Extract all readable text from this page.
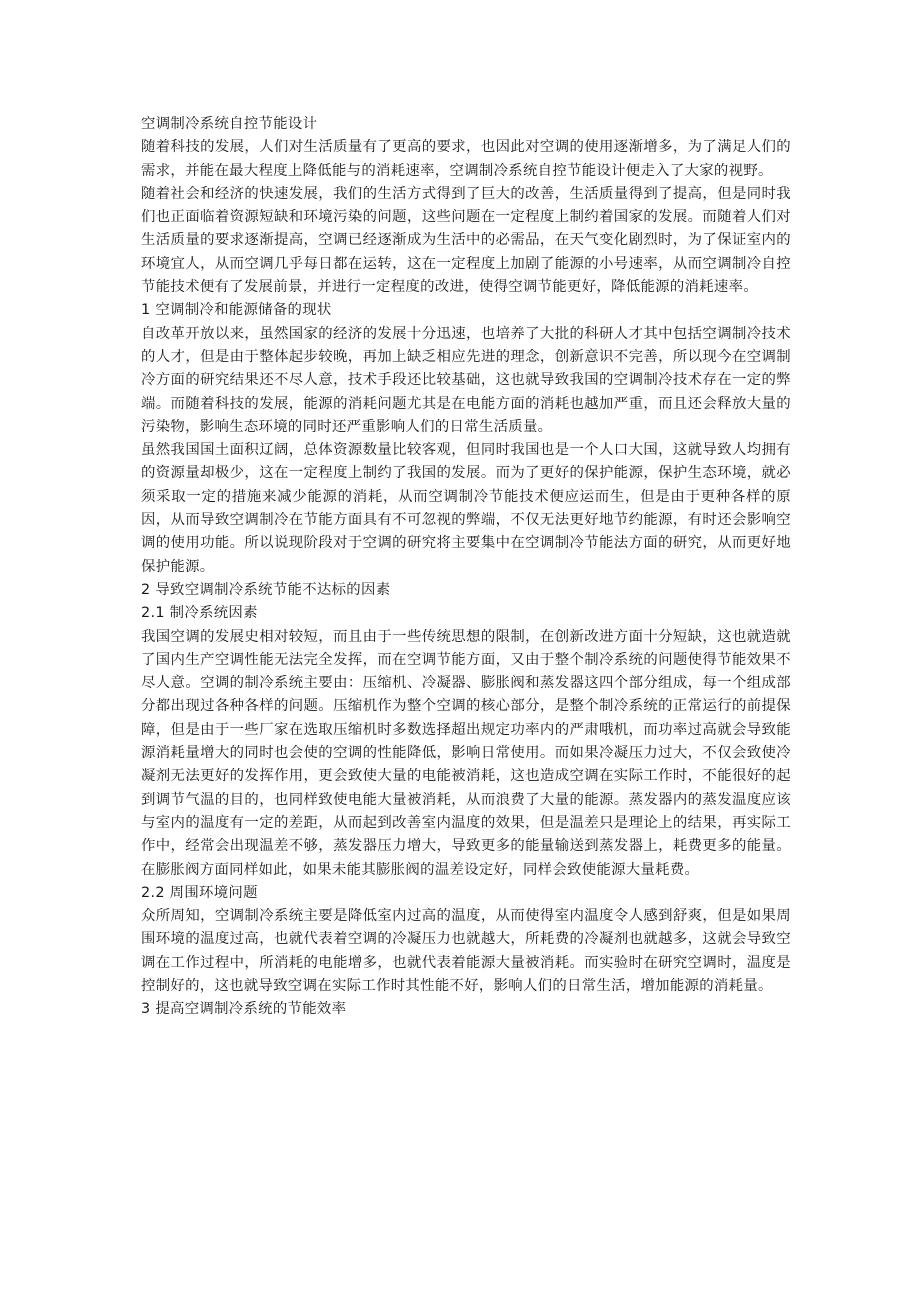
空调制冷系统自控节能设计

随着科技的发展，人们对生活质量有了更高的要求，也因此对空调的使用逐渐增多，为了满足人们的需求，并能在最大程度上降低能与的消耗速率，空调制冷系统自控节能设计便走入了大家的视野。

随着社会和经济的快速发展，我们的生活方式得到了巨大的改善，生活质量得到了提高，但是同时我们也正面临着资源短缺和环境污染的问题，这些问题在一定程度上制约着国家的发展。而随着人们对生活质量的要求逐渐提高，空调已经逐渐成为生活中的必需品，在天气变化剧烈时，为了保证室内的环境宜人，从而空调几乎每日都在运转，这在一定程度上加剧了能源的小号速率，从而空调制冷自控节能技术便有了发展前景，并进行一定程度的改进，使得空调节能更好，降低能源的消耗速率。

1 空调制冷和能源储备的现状

自改革开放以来，虽然国家的经济的发展十分迅速，也培养了大批的科研人才其中包括空调制冷技术的人才，但是由于整体起步较晚，再加上缺乏相应先进的理念，创新意识不完善，所以现今在空调制冷方面的研究结果还不尽人意，技术手段还比较基础，这也就导致我国的空调制冷技术存在一定的弊端。而随着科技的发展，能源的消耗问题尤其是在电能方面的消耗也越加严重，而且还会释放大量的污染物，影响生态环境的同时还严重影响人们的日常生活质量。

虽然我国国土面积辽阔，总体资源数量比较客观，但同时我国也是一个人口大国，这就导致人均拥有的资源量却极少，这在一定程度上制约了我国的发展。而为了更好的保护能源，保护生态环境，就必须采取一定的措施来减少能源的消耗，从而空调制冷节能技术便应运而生，但是由于更种各样的原因，从而导致空调制冷在节能方面具有不可忽视的弊端，不仅无法更好地节约能源，有时还会影响空调的使用功能。所以说现阶段对于空调的研究将主要集中在空调制冷节能法方面的研究，从而更好地保护能源。

2 导致空调制冷系统节能不达标的因素

2.1 制冷系统因素

我国空调的发展史相对较短，而且由于一些传统思想的限制，在创新改进方面十分短缺，这也就造就了国内生产空调性能无法完全发挥，而在空调节能方面，又由于整个制冷系统的问题使得节能效果不尽人意。空调的制冷系统主要由：压缩机、冷凝器、膨胀阀和蒸发器这四个部分组成，每一个组成部分都出现过各种各样的问题。压缩机作为整个空调的核心部分，是整个制冷系统的正常运行的前提保障，但是由于一些厂家在选取压缩机时多数选择超出规定功率内的严肃哦机，而功率过高就会导致能源消耗量增大的同时也会使的空调的性能降低，影响日常使用。而如果冷凝压力过大，不仅会致使冷凝剂无法更好的发挥作用，更会致使大量的电能被消耗，这也造成空调在实际工作时，不能很好的起到调节气温的目的，也同样致使电能大量被消耗，从而浪费了大量的能源。蒸发器内的蒸发温度应该与室内的温度有一定的差距，从而起到改善室内温度的效果，但是温差只是理论上的结果，再实际工作中，经常会出现温差不够，蒸发器压力增大，导致更多的能量输送到蒸发器上，耗费更多的能量。在膨胀阀方面同样如此，如果未能其膨胀阀的温差设定好，同样会致使能源大量耗费。

2.2 周围环境问题

众所周知，空调制冷系统主要是降低室内过高的温度，从而使得室内温度令人感到舒爽，但是如果周围环境的温度过高，也就代表着空调的冷凝压力也就越大，所耗费的冷凝剂也就越多，这就会导致空调在工作过程中，所消耗的电能增多，也就代表着能源大量被消耗。而实验时在研究空调时，温度是控制好的，这也就导致空调在实际工作时其性能不好，影响人们的日常生活，增加能源的消耗量。

3 提高空调制冷系统的节能效率
